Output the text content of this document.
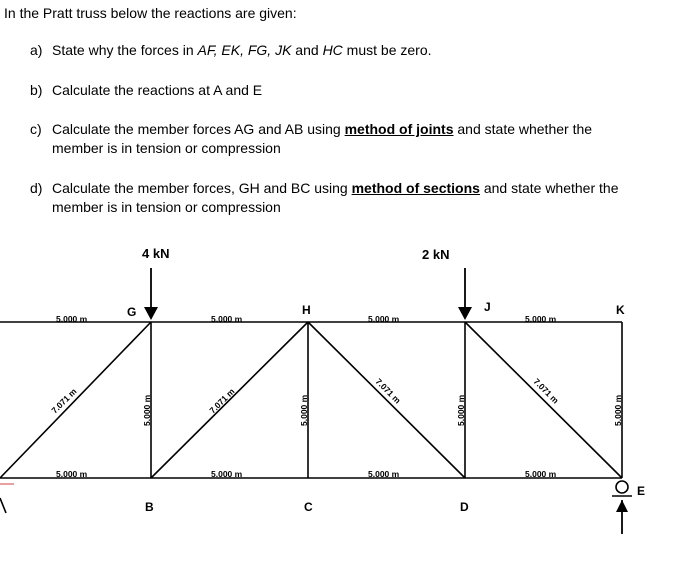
In the Pratt truss below the reactions are given:
a) State why the forces in AF, EK, FG, JK and HC must be zero.
b) Calculate the reactions at A and E
c) Calculate the member forces AG and AB using method of joints and state whether the member is in tension or compression
d) Calculate the member forces, GH and BC using method of sections and state whether the member is in tension or compression
4 kN	2 kN
G	H	J	K
B	C	D
E
5.000 m	5.000 m	5.000 m	5.000 m
5.000 m	5.000 m	5.000 m	5.000 m
5.000 m	5.000 m	5.000 m	5.000 m
7.071 m	7.071 m	7.071 m	7.071 m
